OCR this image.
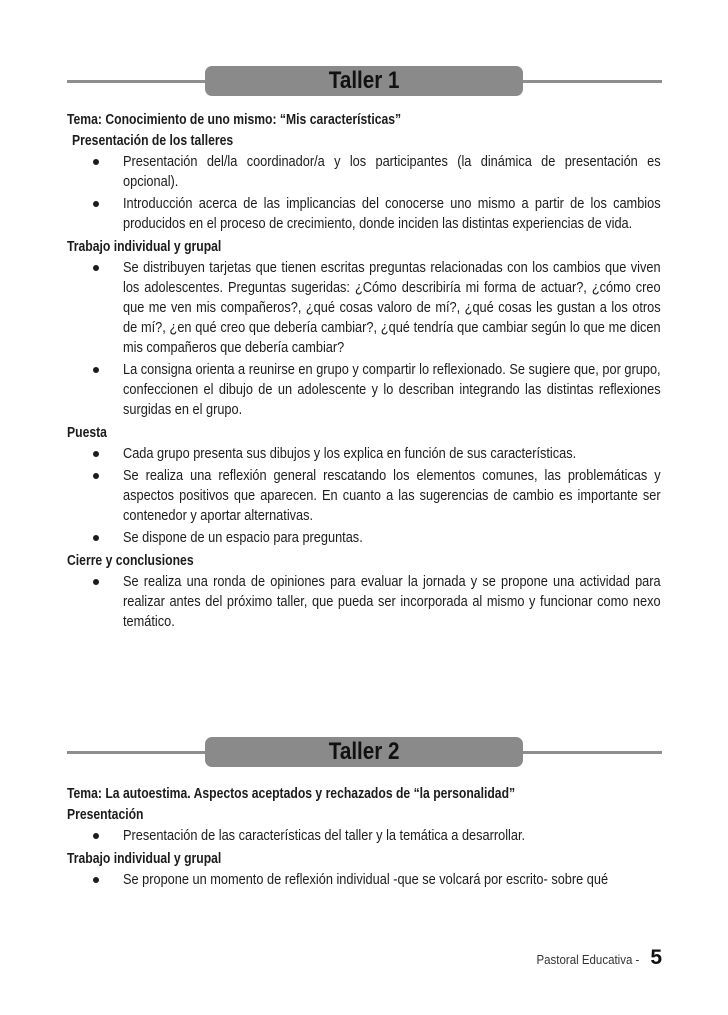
Taller 1
Tema: Conocimiento de uno mismo: “Mis características”
Presentación de los talleres
Presentación del/la coordinador/a y los participantes (la dinámica de presentación es opcional).
Introducción acerca de las implicancias del conocerse uno mismo a partir de los cambios producidos en el proceso de crecimiento, donde inciden las distintas experiencias de vida.
Trabajo individual y grupal
Se distribuyen tarjetas que tienen escritas preguntas relacionadas con los cambios que viven los adolescentes. Preguntas sugeridas: ¿Cómo describiría mi forma de actuar?, ¿cómo creo que me ven mis compañeros?, ¿qué cosas valoro de mí?, ¿qué cosas les gustan a los otros de mí?, ¿en qué creo que debería cambiar?, ¿qué tendría que cambiar según lo que me dicen mis compañeros que debería cambiar?
La consigna orienta a reunirse en grupo y compartir lo reflexionado. Se sugiere que, por grupo, confeccionen el dibujo de un adolescente y lo describan integrando las distintas reflexiones surgidas en el grupo.
Puesta
Cada grupo presenta sus dibujos y los explica en función de sus características.
Se realiza una reflexión general rescatando los elementos comunes, las problemáticas y aspectos positivos que aparecen. En cuanto a las sugerencias de cambio es importante ser contenedor y aportar alternativas.
Se dispone de un espacio para preguntas.
Cierre y conclusiones
Se realiza una ronda de opiniones para evaluar la jornada y se propone una actividad para realizar antes del próximo taller, que pueda ser incorporada al mismo y funcionar como nexo temático.
Taller 2
Tema: La autoestima. Aspectos aceptados y rechazados de “la personalidad”
Presentación
Presentación de las características del taller y la temática a desarrollar.
Trabajo individual y grupal
Se propone un momento de reflexión individual -que se volcará por escrito- sobre qué
Pastoral Educativa - 5
